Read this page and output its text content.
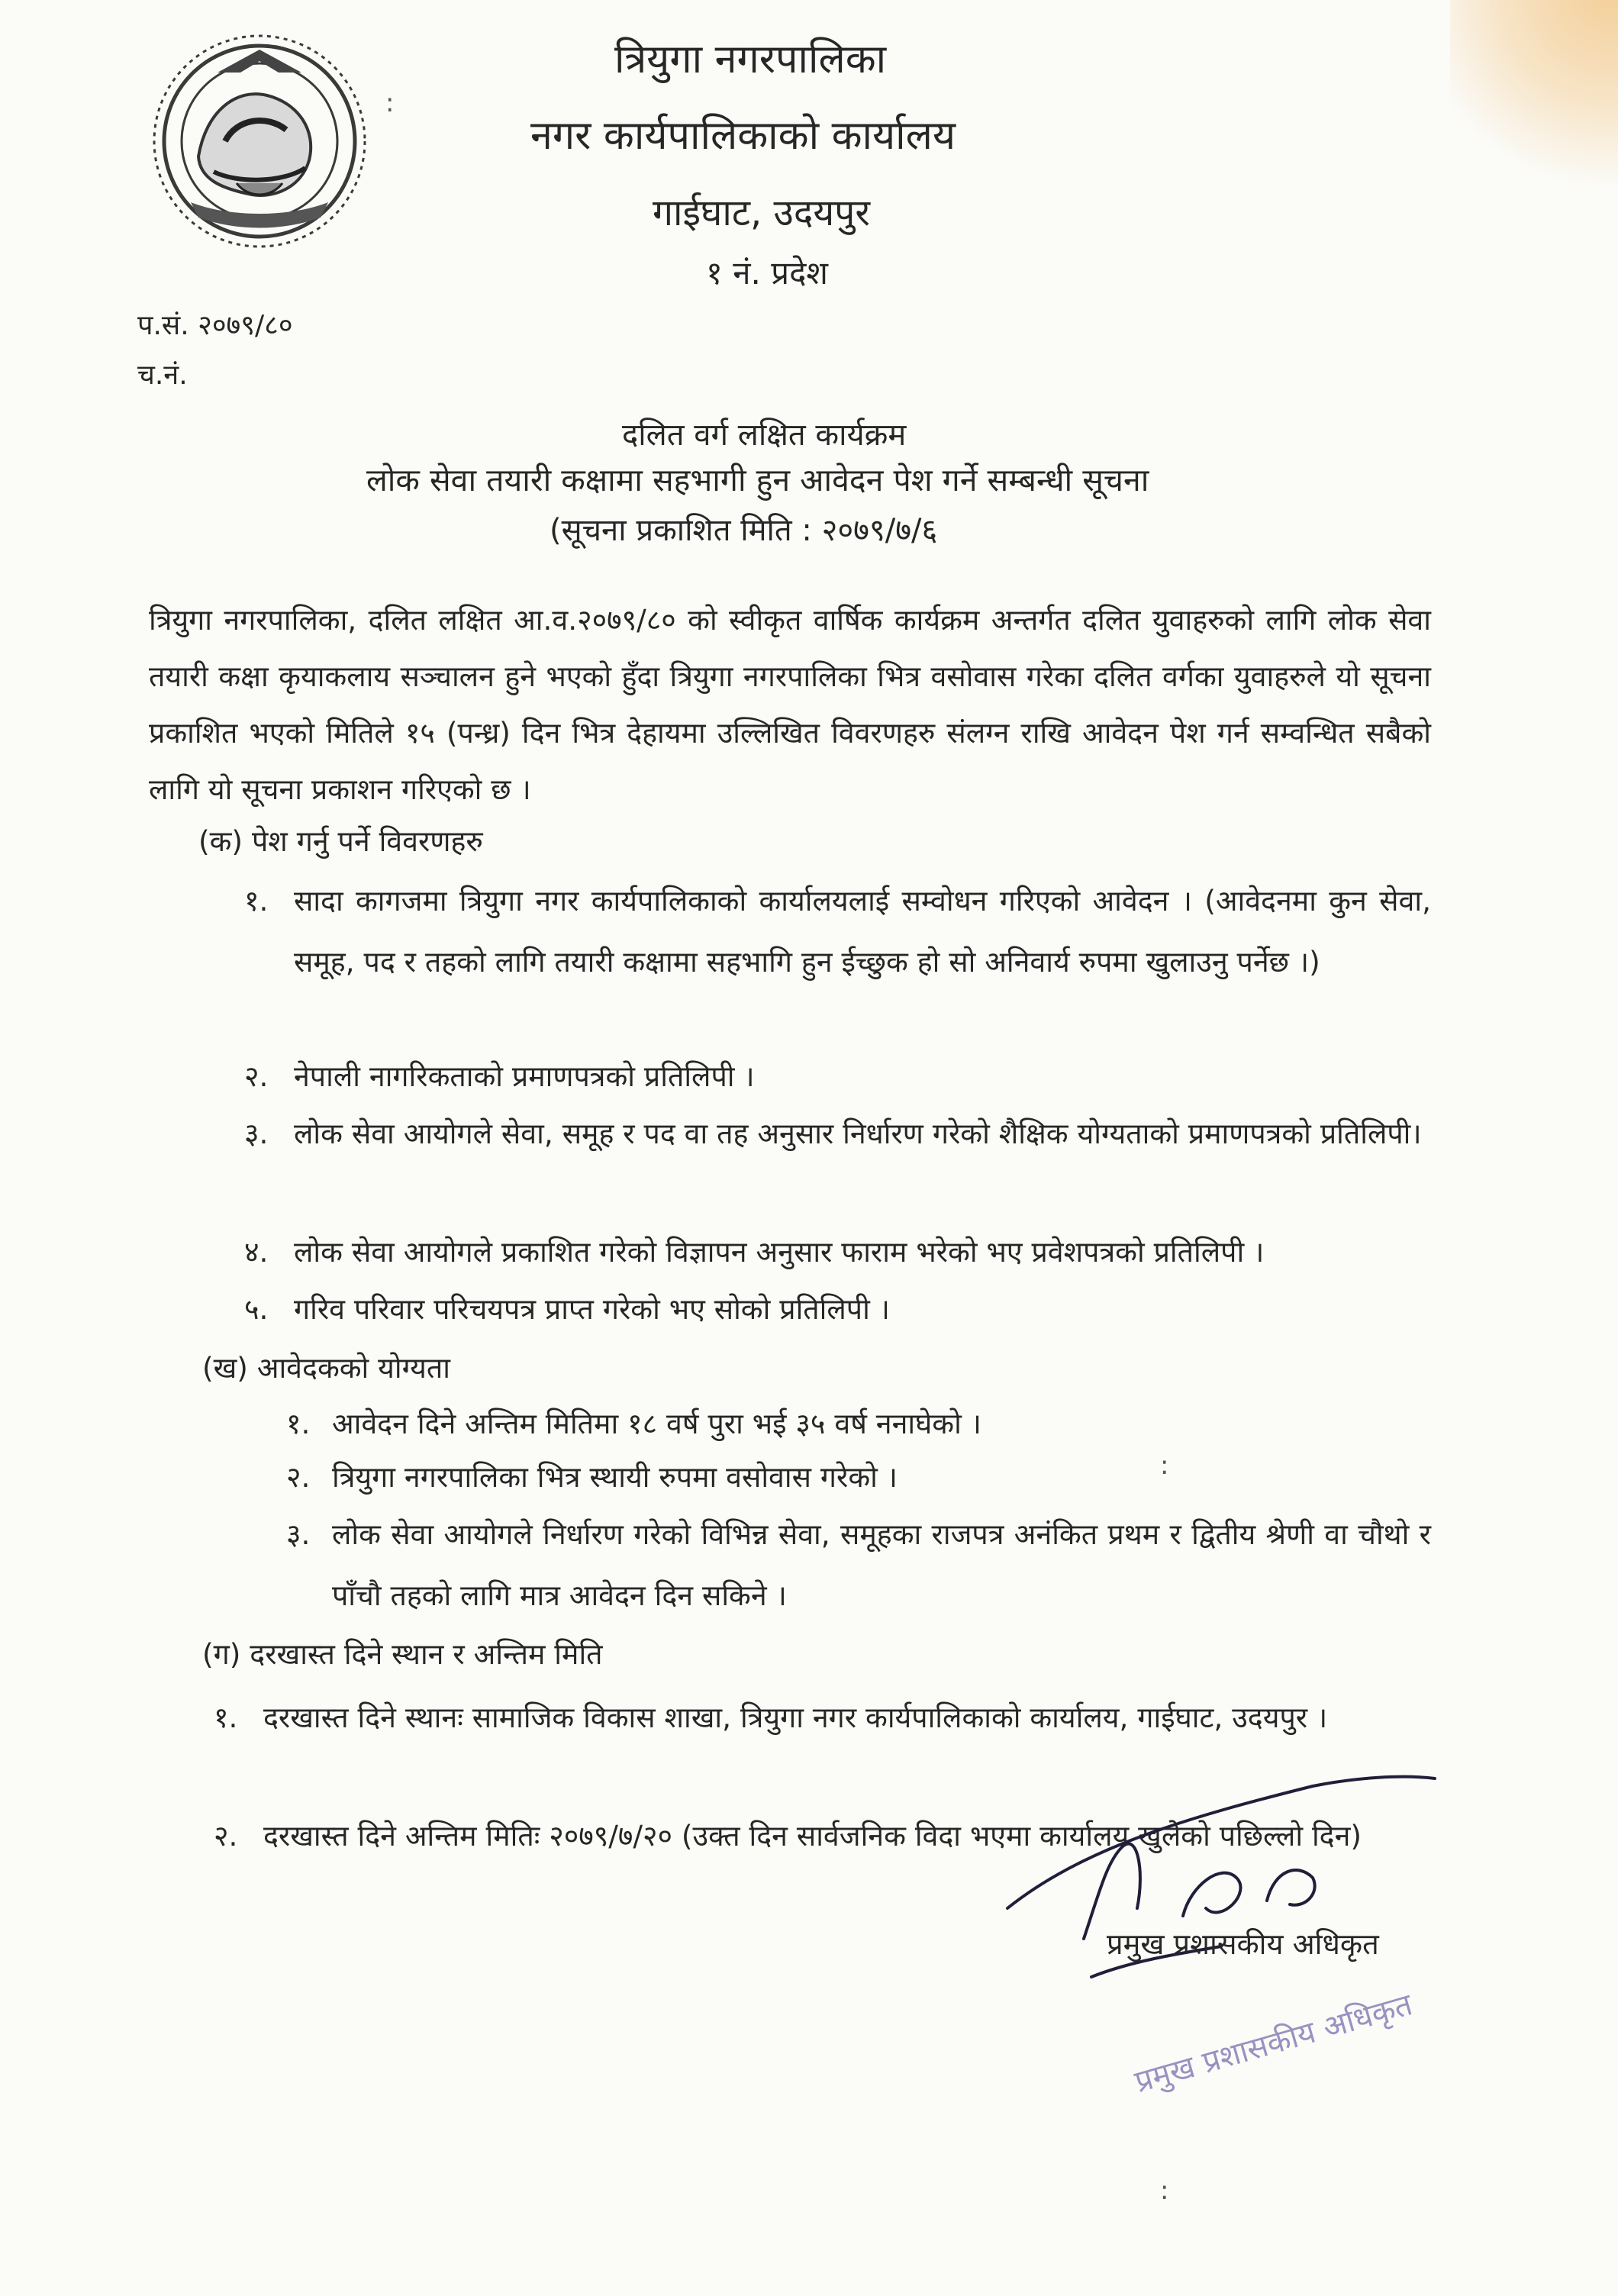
त्रियुगा नगरपालिका
नगर कार्यपालिकाको कार्यालय
गाईघाट, उदयपुर
१ नं. प्रदेश
प.सं. २०७९/८०
च.नं.
दलित वर्ग लक्षित कार्यक्रम
लोक सेवा तयारी कक्षामा सहभागी हुन आवेदन पेश गर्ने सम्बन्धी सूचना
(सूचना प्रकाशित मिति : २०७९/७/६
त्रियुगा नगरपालिका, दलित लक्षित आ.व.२०७९/८० को स्वीकृत वार्षिक कार्यक्रम अन्तर्गत दलित युवाहरुको लागि लोक सेवा तयारी कक्षा कृयाकलाय सञ्चालन हुने भएको हुँदा त्रियुगा नगरपालिका भित्र वसोवास गरेका दलित वर्गका युवाहरुले यो सूचना प्रकाशित भएको मितिले १५ (पन्ध्र) दिन भित्र देहायमा उल्लिखित विवरणहरु संलग्न राखि आवेदन पेश गर्न सम्वन्धित सबैको लागि यो सूचना प्रकाशन गरिएको छ ।
(क) पेश गर्नु पर्ने विवरणहरु
१. सादा कागजमा त्रियुगा नगर कार्यपालिकाको कार्यालयलाई सम्वोधन गरिएको आवेदन । (आवेदनमा कुन सेवा, समूह, पद र तहको लागि तयारी कक्षामा सहभागि हुन ईच्छुक हो सो अनिवार्य रुपमा खुलाउनु पर्नेछ ।)
२. नेपाली नागरिकताको प्रमाणपत्रको प्रतिलिपी ।
३. लोक सेवा आयोगले सेवा, समूह र पद वा तह अनुसार निर्धारण गरेको शैक्षिक योग्यताको प्रमाणपत्रको प्रतिलिपी।
४. लोक सेवा आयोगले प्रकाशित गरेको विज्ञापन अनुसार फाराम भरेको भए प्रवेशपत्रको प्रतिलिपी ।
५. गरिव परिवार परिचयपत्र प्राप्त गरेको भए सोको प्रतिलिपी ।
(ख) आवेदकको योग्यता
१. आवेदन दिने अन्तिम मितिमा १८ वर्ष पुरा भई ३५ वर्ष ननाघेको ।
२. त्रियुगा नगरपालिका भित्र स्थायी रुपमा वसोवास गरेको ।
३. लोक सेवा आयोगले निर्धारण गरेको विभिन्न सेवा, समूहका राजपत्र अनंकित प्रथम र द्वितीय श्रेणी वा चौथो र पाँचौ तहको लागि मात्र आवेदन दिन सकिने ।
(ग) दरखास्त दिने स्थान र अन्तिम मिति
१. दरखास्त दिने स्थानः सामाजिक विकास शाखा, त्रियुगा नगर कार्यपालिकाको कार्यालय, गाईघाट, उदयपुर ।
२. दरखास्त दिने अन्तिम मितिः २०७९/७/२० (उक्त दिन सार्वजनिक विदा भएमा कार्यालय खुलेको पछिल्लो दिन)
प्रमुख प्रशासकीय अधिकृत
प्रमुख प्रशासकीय अधिकृत
:
:
:
